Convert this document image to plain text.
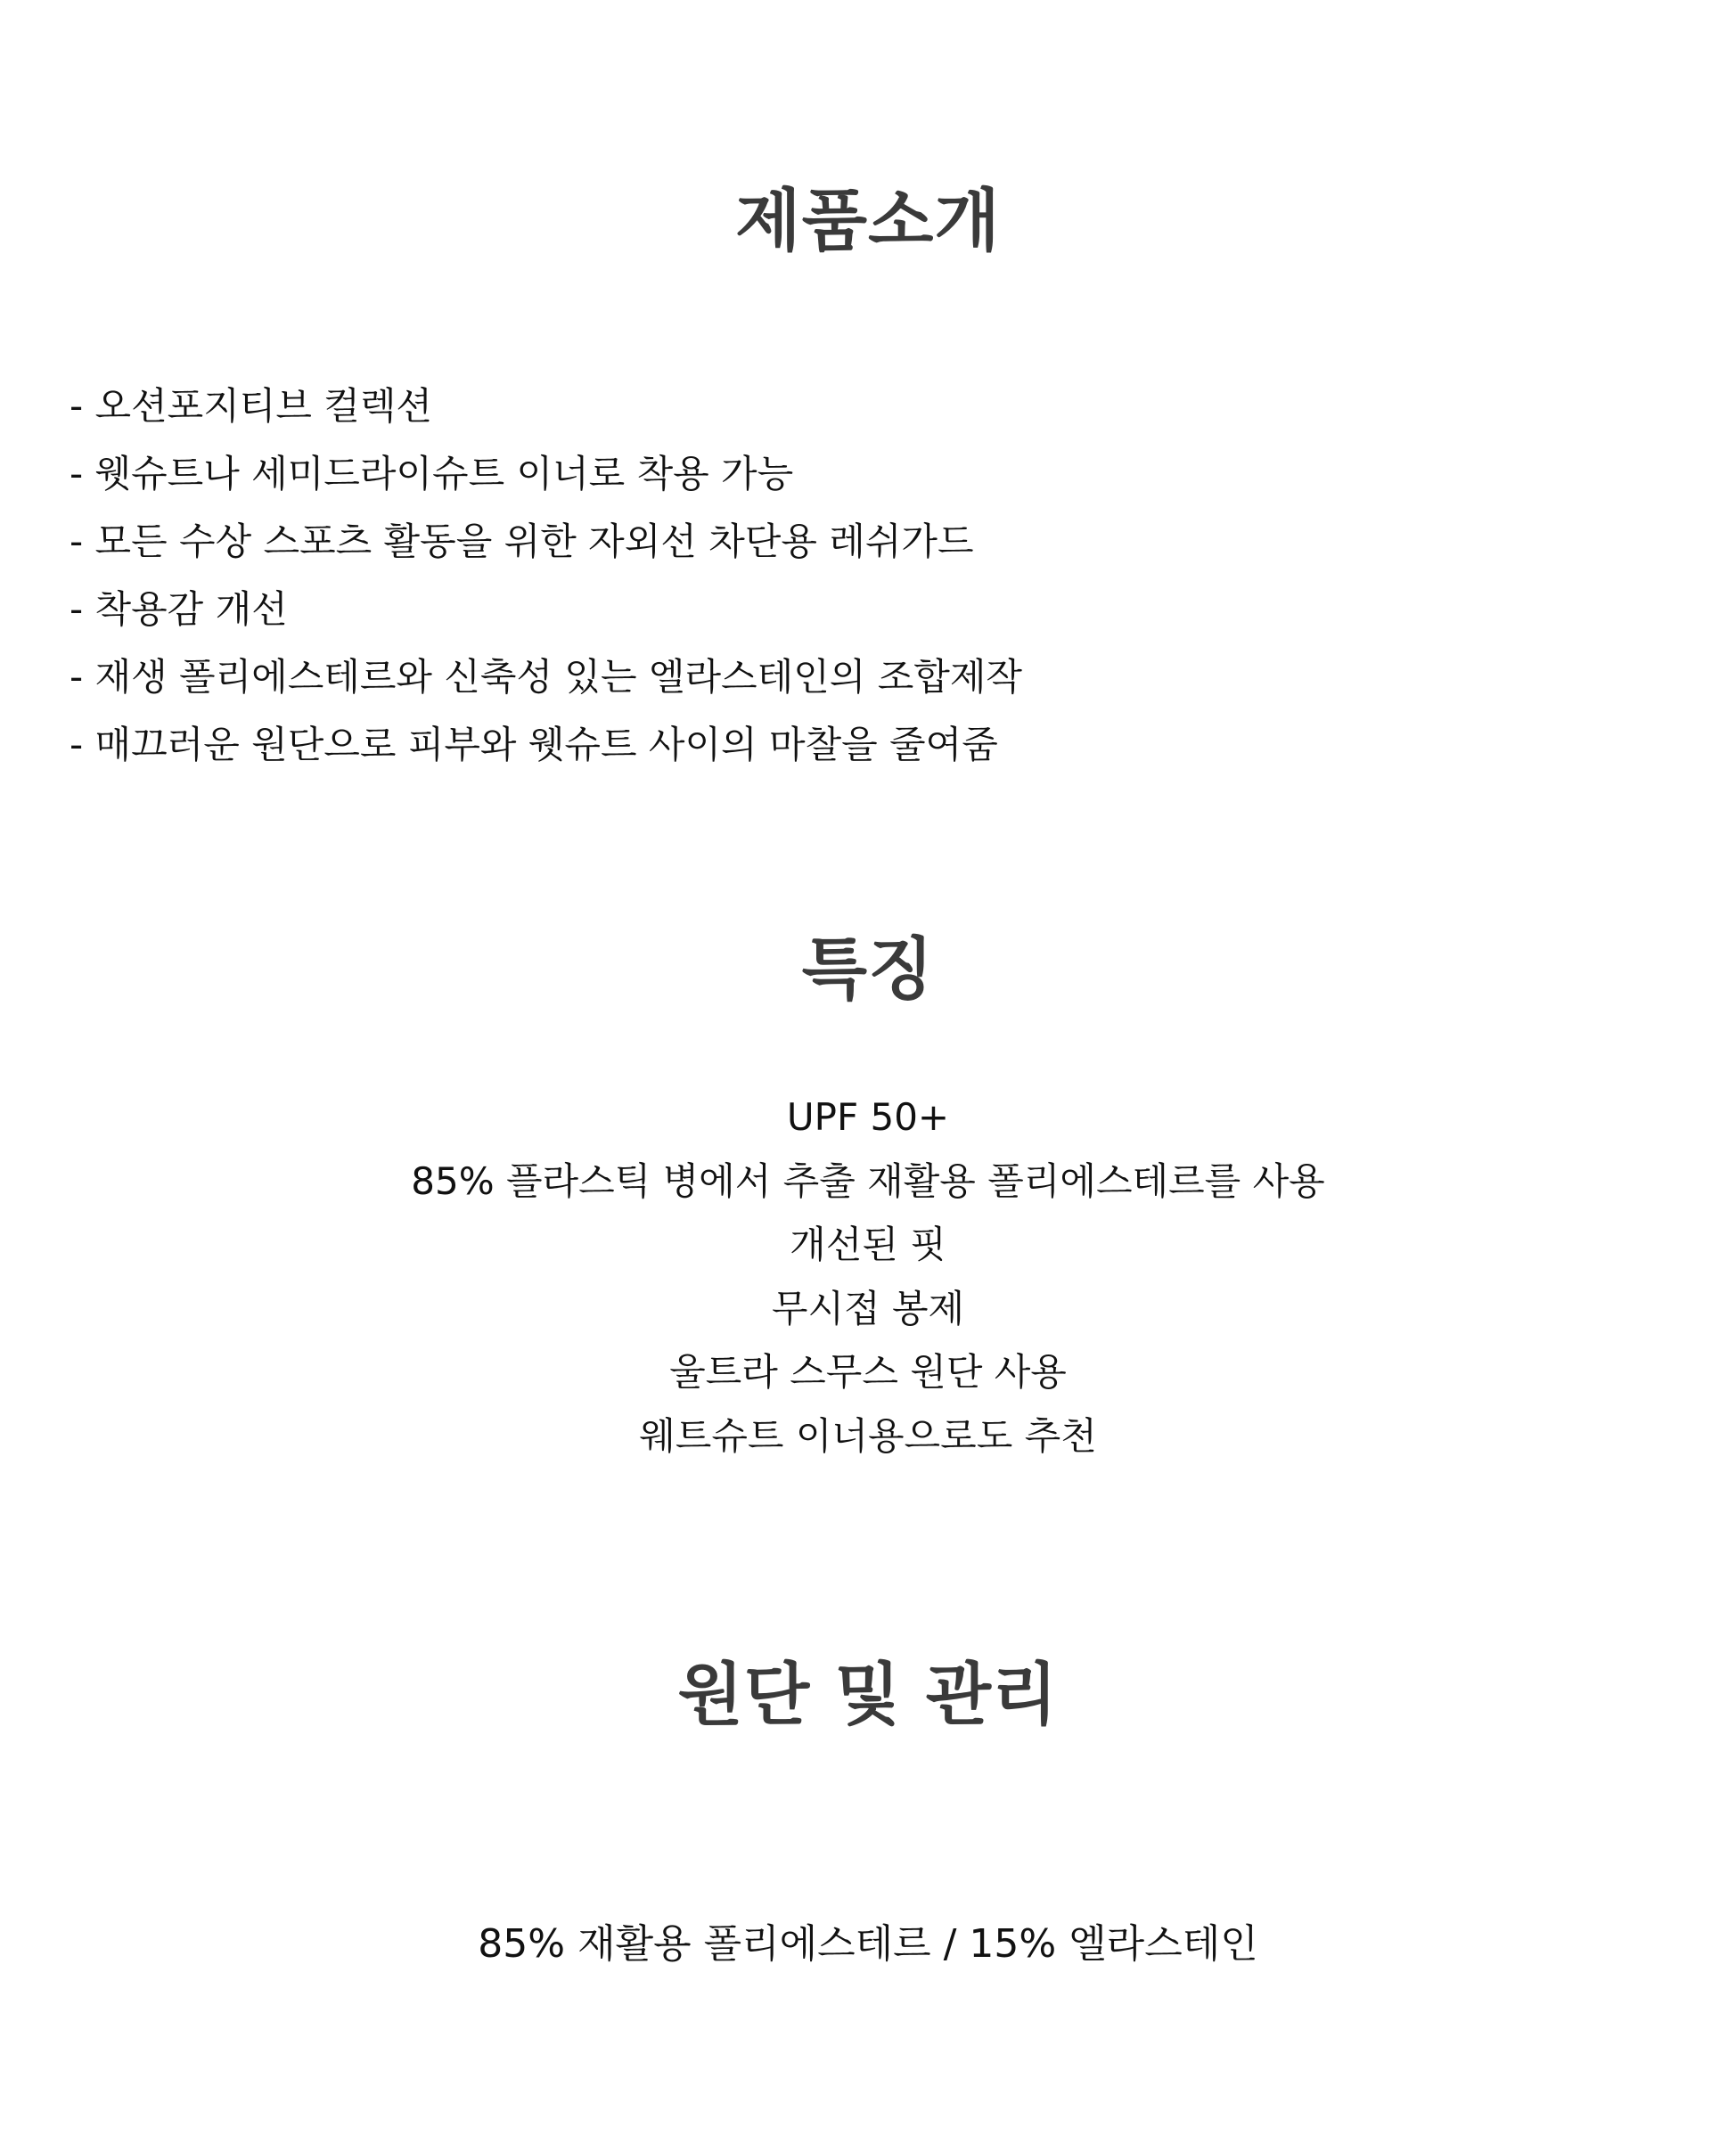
제품소개
- 오션포지티브 컬렉션
- 웻슈트나 세미드라이슈트 이너로 착용 가능
- 모든 수상 스포츠 활동을 위한 자외선 차단용 레쉬가드
- 착용감 개선
- 재생 폴리에스테르와 신축성 있는 엘라스테인의 조합제작
- 매끄러운 원단으로 피부와 웻슈트 사이의 마찰을 줄여줌
특징
UPF 50+
85% 플라스틱 병에서 추출 재활용 폴리에스테르를 사용
개선된 핏
무시접 봉제
울트라 스무스 원단 사용
웨트슈트 이너용으로도 추천
원단 및 관리

85% 재활용 폴리에스테르 / 15% 엘라스테인
